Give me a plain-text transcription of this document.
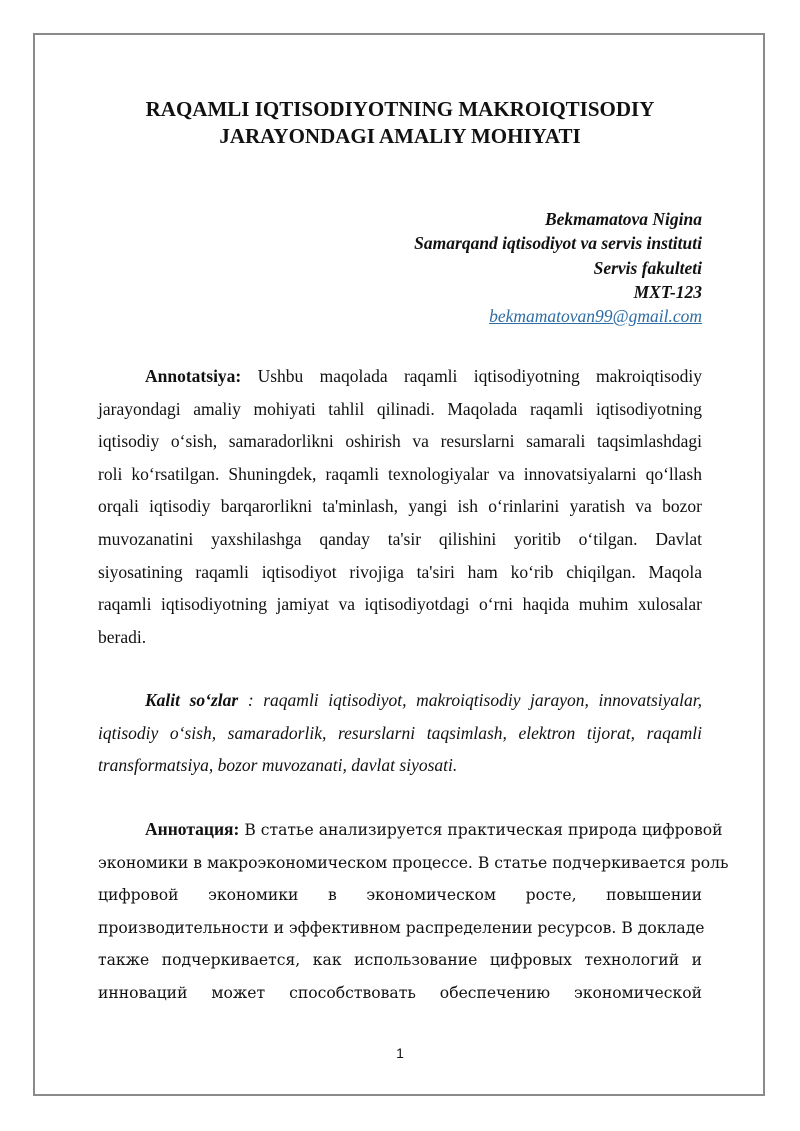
RAQAMLI IQTISODIYOTNING MAKROIQTISODIY
JARAYONDAGI AMALIY MOHIYATI
Bekmamatova Nigina
Samarqand iqtisodiyot va servis instituti
Servis fakulteti
MXT-123
bekmamatovan99@gmail.com
Annotatsiya: Ushbu maqolada raqamli iqtisodiyotning makroiqtisodiy
jarayondagi amaliy mohiyati tahlil qilinadi. Maqolada raqamli iqtisodiyotning
iqtisodiy o‘sish, samaradorlikni oshirish va resurslarni samarali taqsimlashdagi
roli ko‘rsatilgan. Shuningdek, raqamli texnologiyalar va innovatsiyalarni qo‘llash
orqali iqtisodiy barqarorlikni ta'minlash, yangi ish o‘rinlarini yaratish va bozor
muvozanatini yaxshilashga qanday ta'sir qilishini yoritib o‘tilgan. Davlat
siyosatining raqamli iqtisodiyot rivojiga ta'siri ham ko‘rib chiqilgan. Maqola
raqamli iqtisodiyotning jamiyat va iqtisodiyotdagi o‘rni haqida muhim xulosalar
beradi.
Kalit so‘zlar : raqamli iqtisodiyot, makroiqtisodiy jarayon, innovatsiyalar,
iqtisodiy o‘sish, samaradorlik, resurslarni taqsimlash, elektron tijorat, raqamli
transformatsiya, bozor muvozanati, davlat siyosati.
Аннотация: В статье анализируется практическая природа цифровой
экономики в макроэкономическом процессе. В статье подчеркивается роль
цифровой экономики в экономическом росте, повышении
производительности и эффективном распределении ресурсов. В докладе
также подчеркивается, как использование цифровых технологий и
инноваций может способствовать обеспечению экономической
1
